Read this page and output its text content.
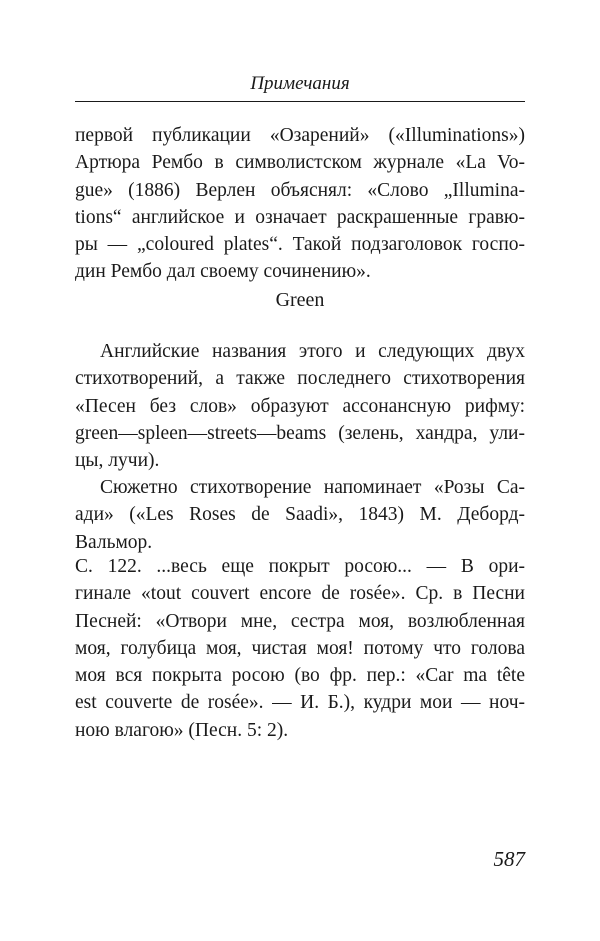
Примечания
первой публикации «Озарений» («Illuminations»)
Артюра Рембо в символистском журнале «La Vo-
gue» (1886) Верлен объяснял: «Слово „Illumina-
tions“ английское и означает раскрашенные гравю-
ры — „coloured plates“. Такой подзаголовок госпо-
дин Рембо дал своему сочинению».
Green
Английские названия этого и следующих двух
стихотворений, а также последнего стихотворения
«Песен без слов» образуют ассонансную рифму:
green—spleen—streets—beams (зелень, хандра, ули-
цы, лучи).
Сюжетно стихотворение напоминает «Розы Са-
ади» («Les Roses de Saadi», 1843) М. Деборд-
Вальмор.
С. 122. ...весь еще покрыт росою... — В ори-
гинале «tout couvert encore de rosée». Ср. в Песни
Песней: «Отвори мне, сестра моя, возлюбленная
моя, голубица моя, чистая моя! потому что голова
моя вся покрыта росою (во фр. пер.: «Car ma tête
est couverte de rosée». — И. Б.), кудри мои — ноч-
ною влагою» (Песн. 5: 2).
587
